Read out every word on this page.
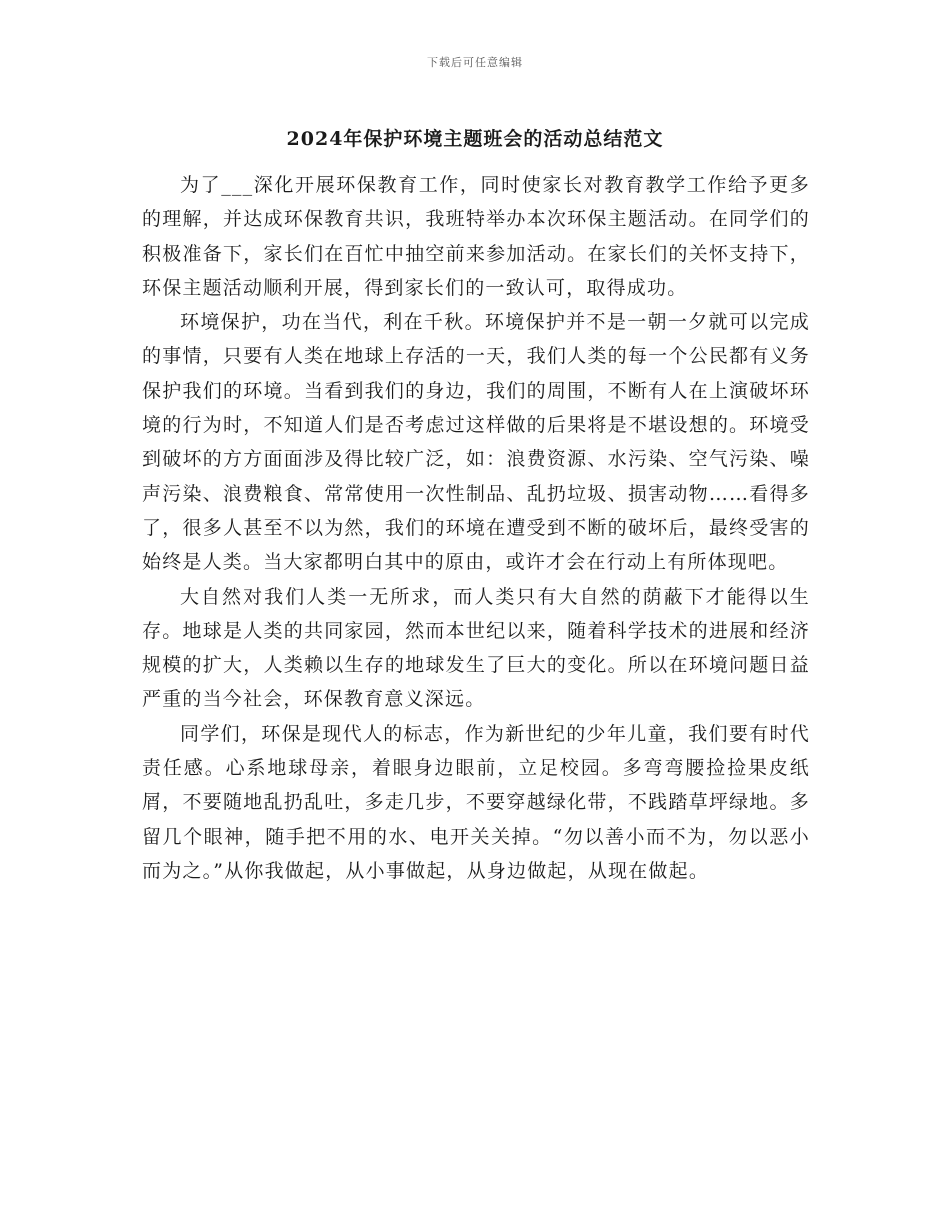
下载后可任意编辑
2024年保护环境主题班会的活动总结范文

为了___深化开展环保教育工作，同时使家长对教育教学工作给予更多的理解，并达成环保教育共识，我班特举办本次环保主题活动。在同学们的积极准备下，家长们在百忙中抽空前来参加活动。在家长们的关怀支持下，环保主题活动顺利开展，得到家长们的一致认可，取得成功。

环境保护，功在当代，利在千秋。环境保护并不是一朝一夕就可以完成的事情，只要有人类在地球上存活的一天，我们人类的每一个公民都有义务保护我们的环境。当看到我们的身边，我们的周围，不断有人在上演破坏环境的行为时，不知道人们是否考虑过这样做的后果将是不堪设想的。环境受到破坏的方方面面涉及得比较广泛，如：浪费资源、水污染、空气污染、噪声污染、浪费粮食、常常使用一次性制品、乱扔垃圾、损害动物……看得多了，很多人甚至不以为然，我们的环境在遭受到不断的破坏后，最终受害的始终是人类。当大家都明白其中的原由，或许才会在行动上有所体现吧。

大自然对我们人类一无所求，而人类只有大自然的荫蔽下才能得以生存。地球是人类的共同家园，然而本世纪以来，随着科学技术的进展和经济规模的扩大，人类赖以生存的地球发生了巨大的变化。所以在环境问题日益严重的当今社会，环保教育意义深远。

同学们，环保是现代人的标志，作为新世纪的少年儿童，我们要有时代责任感。心系地球母亲，着眼身边眼前，立足校园。多弯弯腰捡捡果皮纸屑，不要随地乱扔乱吐，多走几步，不要穿越绿化带，不践踏草坪绿地。多留几个眼神，随手把不用的水、电开关关掉。“勿以善小而不为，勿以恶小而为之。”从你我做起，从小事做起，从身边做起，从现在做起。
